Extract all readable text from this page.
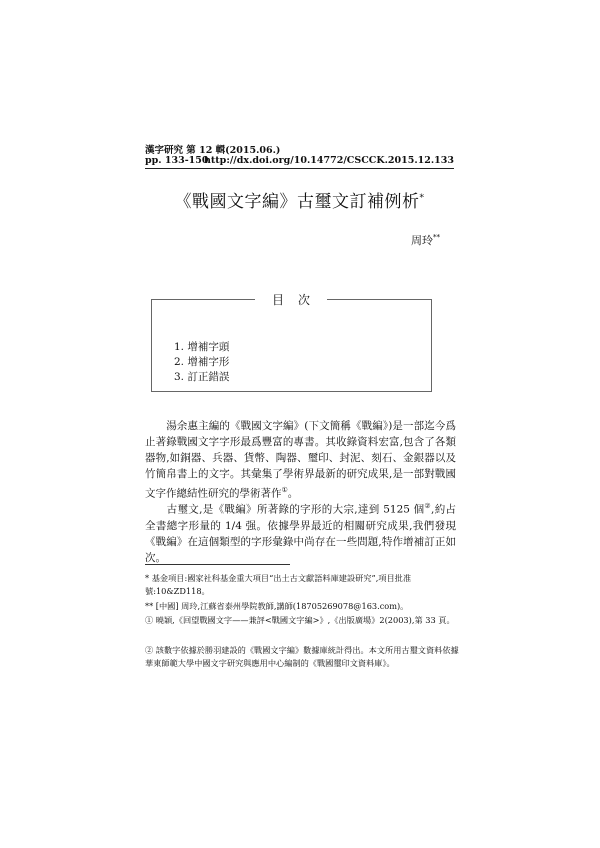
漢字研究 第 12 輯(2015.06.)
pp. 133-150
http://dx.doi.org/10.14772/CSCCK.2015.12.133
《戰國文字編》古璽文訂補例析*
周玲**
目次
1. 增補字頭
2. 增補字形
3. 訂正錯誤
　　湯余惠主編的《戰國文字編》(下文簡稱《戰編》)是一部迄今爲止著錄戰國文字字形最爲豐富的專書。其收錄資料宏富,包含了各類器物,如銅器、兵器、貨幣、陶器、璽印、封泥、刻石、金銀器以及竹簡帛書上的文字。其彙集了學術界最新的研究成果,是一部對戰國文字作總結性研究的學術著作①。
　　古璽文,是《戰編》所著錄的字形的大宗,達到 5125 個②,約占全書總字形量的 1/4 强。依據學界最近的相關研究成果,我們發現《戰編》在這個類型的字形彙錄中尚存在一些問題,特作增補訂正如次。
* 基金項目:國家社科基金重大項目“出土古文獻語料庫建設研究”,項目批准號:10&ZD118。
** [中國] 周玲,江蘇省泰州學院教師,講師(18705269078@163.com)。
① 曉穎,《回望戰國文字——兼評<戰國文字編>》,《出版廣場》2(2003),第 33 頁。
② 該數字依據於勝羽建設的《戰國文字編》數據庫統計得出。本文所用古璽文資料依據華東師範大學中國文字研究與應用中心編制的《戰國璽印文資料庫》。
